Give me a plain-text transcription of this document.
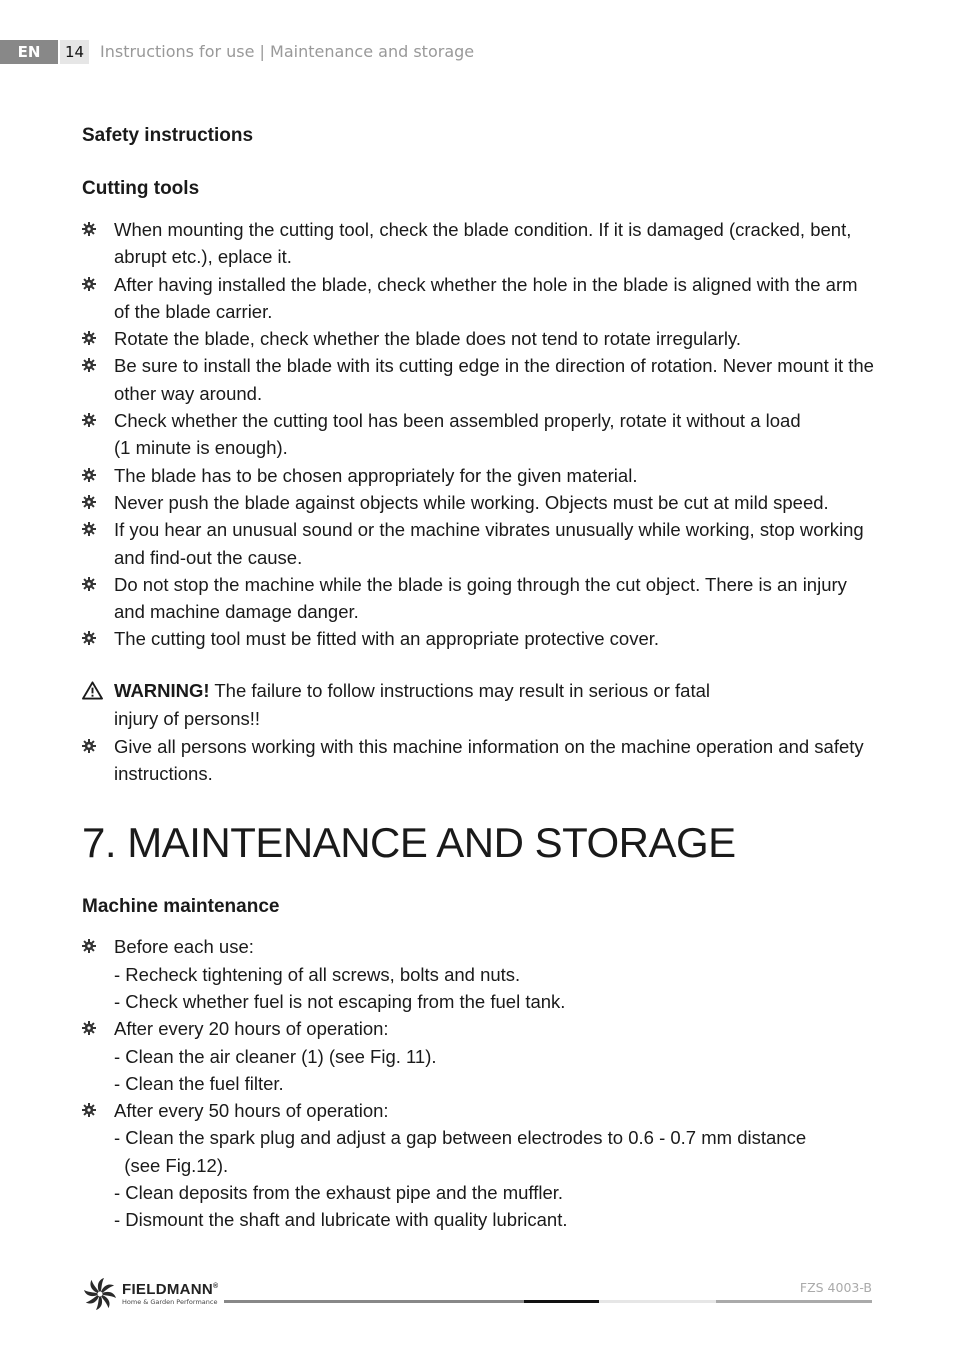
EN	14 Instructions for use | Maintenance and storage
Safety instructions
Cutting tools
When mounting the cutting tool, check the blade condition. If it is damaged (cracked, bent, abrupt etc.), eplace it.
After having installed the blade, check whether the hole in the blade is aligned with the arm of the blade carrier.
Rotate the blade, check whether the blade does not tend to rotate irregularly.
Be sure to install the blade with its cutting edge in the direction of rotation. Never mount it the other way around.
Check whether the cutting tool has been assembled properly, rotate it without a load
(1 minute is enough).
The blade has to be chosen appropriately for the given material.
Never push the blade against objects while working. Objects must be cut at mild speed.
If you hear an unusual sound or the machine vibrates unusually while working, stop working and find-out the cause.
Do not stop the machine while the blade is going through the cut object. There is an injury and machine damage danger.
The cutting tool must be fitted with an appropriate protective cover.
WARNING! The failure to follow instructions may result in serious or fatal
injury of persons!!
Give all persons working with this machine information on the machine operation and safety instructions.
7. MAINTENANCE AND STORAGE
Machine maintenance
Before each use:
- Recheck tightening of all screws, bolts and nuts.
- Check whether fuel is not escaping from the fuel tank.
After every 20 hours of operation:
- Clean the air cleaner (1) (see Fig. 11).
- Clean the fuel filter.
After every 50 hours of operation:
- Clean the spark plug and adjust a gap between electrodes to 0.6 - 0.7 mm distance
(see Fig.12).
- Clean deposits from the exhaust pipe and the muffler.
- Dismount the shaft and lubricate with quality lubricant.
FIELDMANN®
Home & Garden Performance
FZS 4003-B
